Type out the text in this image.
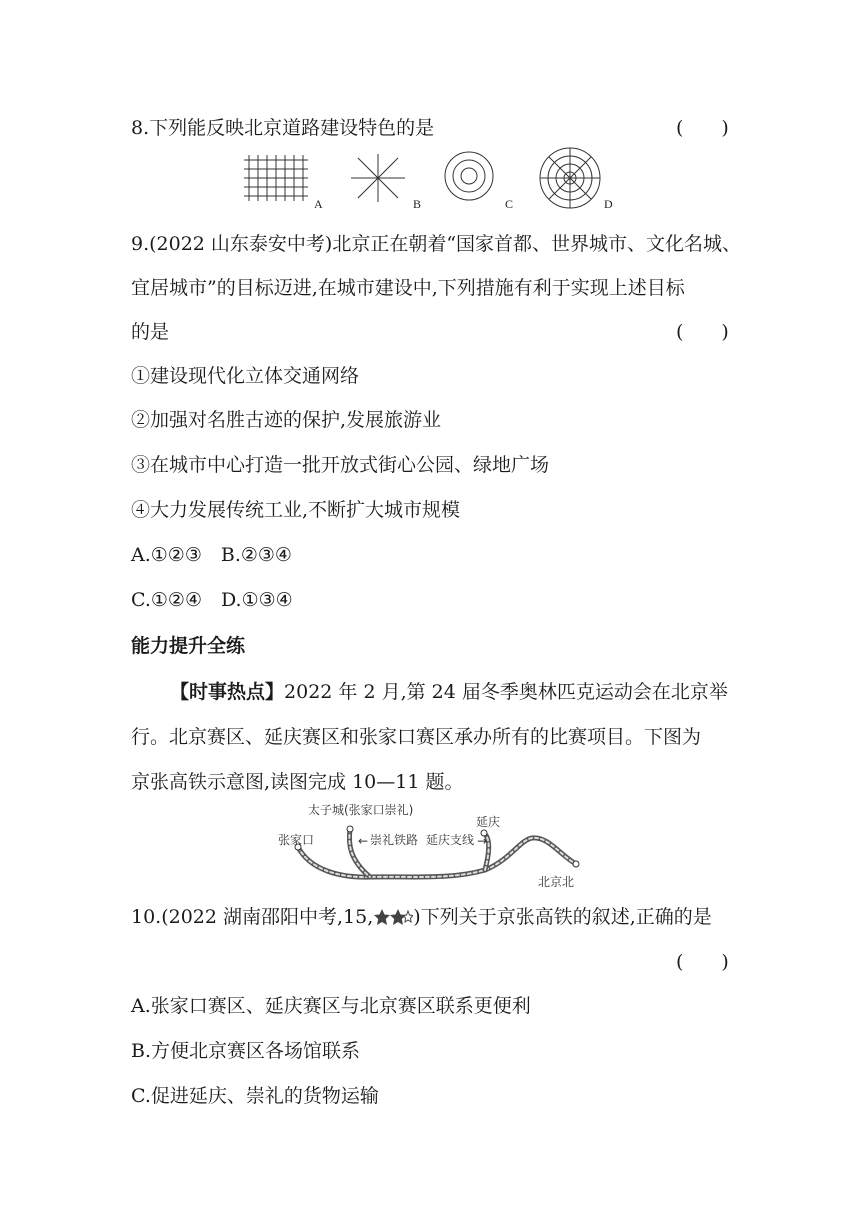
8.下列能反映北京道路建设特色的是	(　　)
A	B	C	D
9.(2022 山东泰安中考)北京正在朝着“国家首都、世界城市、文化名城、
宜居城市”的目标迈进,在城市建设中,下列措施有利于实现上述目标
的是	(　　)
①建设现代化立体交通网络
②加强对名胜古迹的保护,发展旅游业
③在城市中心打造一批开放式街心公园、绿地广场
④大力发展传统工业,不断扩大城市规模
A.①②③　B.②③④
C.①②④　D.①③④
能力提升全练
【时事热点】2022 年 2 月,第 24 届冬季奥林匹克运动会在北京举
行。北京赛区、延庆赛区和张家口赛区承办所有的比赛项目。下图为
京张高铁示意图,读图完成 10—11 题。
←	→
太子城(张家口崇礼)
张家口	崇礼铁路 延庆支线
延庆
北京北
10.(2022 湖南邵阳中考,15, )下列关于京张高铁的叙述,正确的是
(　　)
A.张家口赛区、延庆赛区与北京赛区联系更便利
B.方便北京赛区各场馆联系
C.促进延庆、崇礼的货物运输
